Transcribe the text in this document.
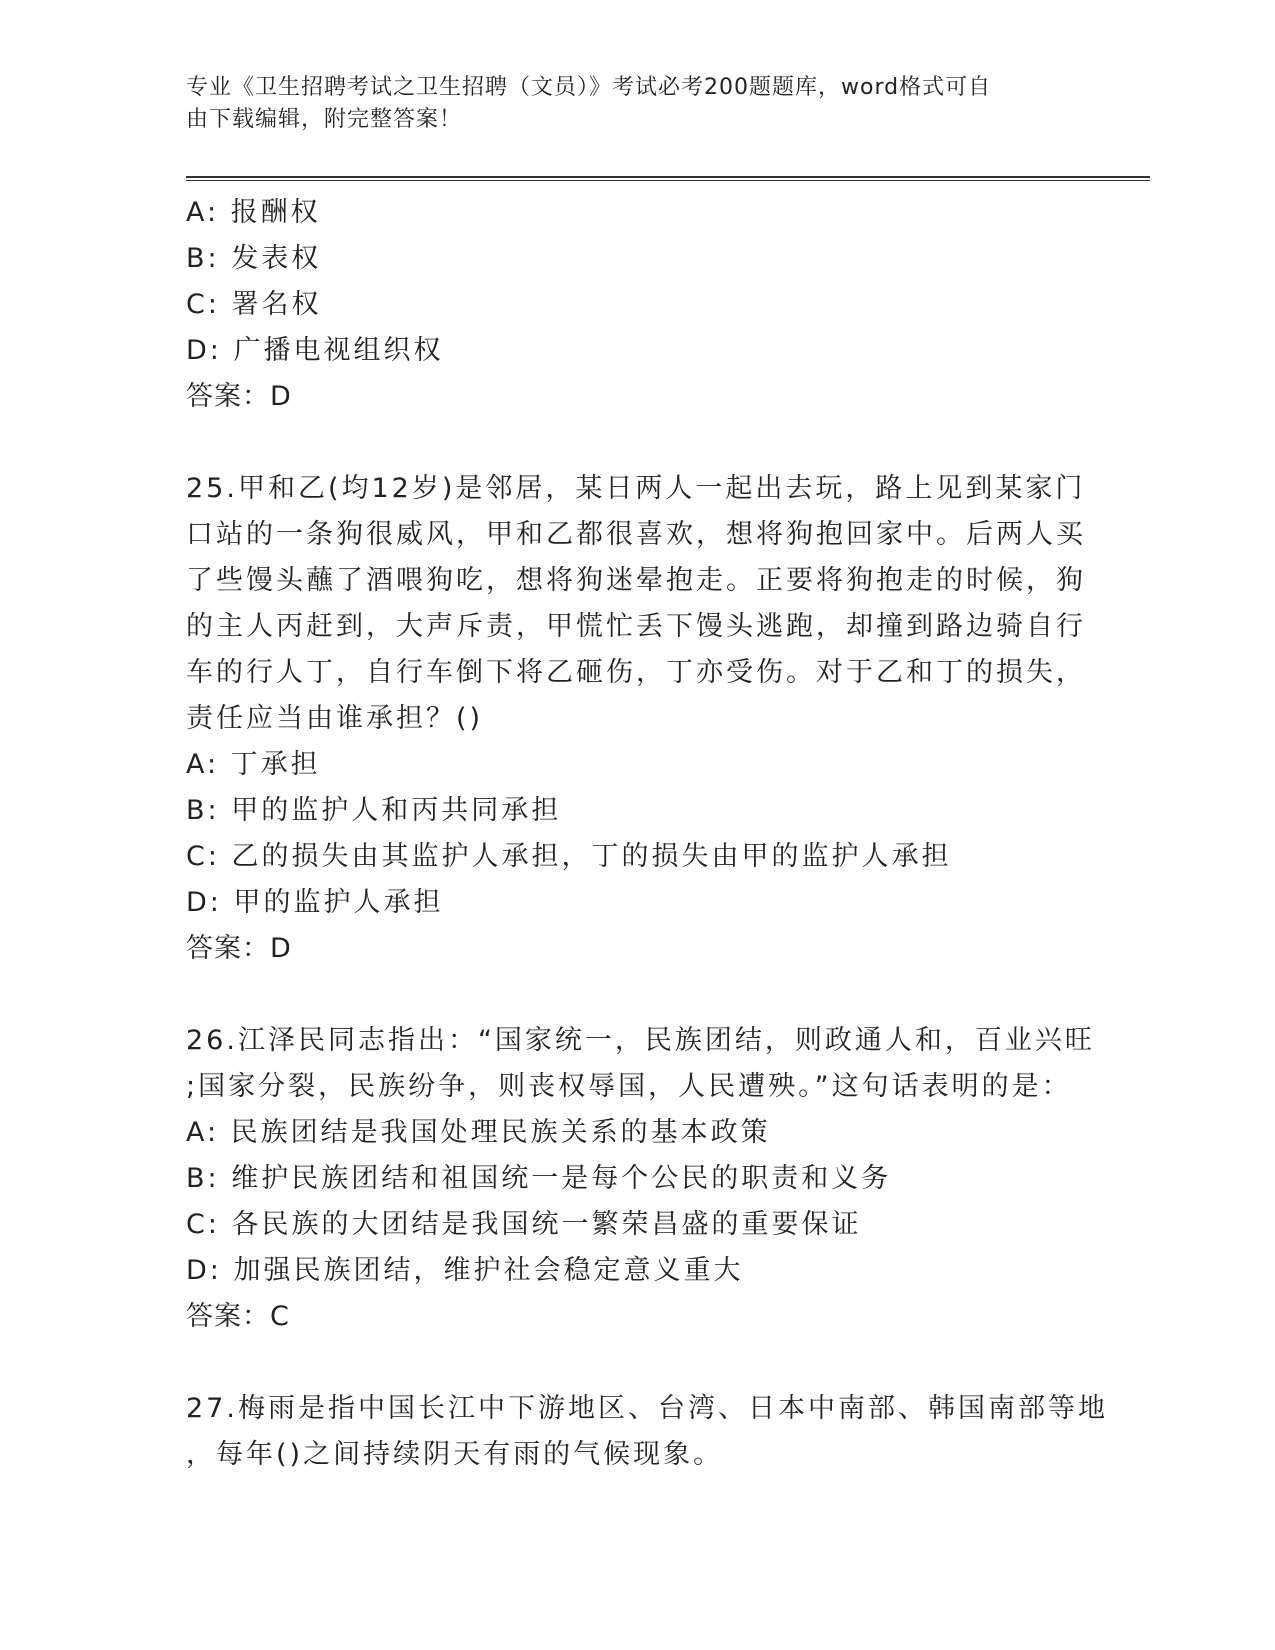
专业《卫生招聘考试之卫生招聘（文员）》考试必考200题题库，word格式可自
由下载编辑，附完整答案！
A: 报酬权
B: 发表权
C: 署名权
D: 广播电视组织权
答案：D
25.甲和乙(均12岁)是邻居，某日两人一起出去玩，路上见到某家门
口站的一条狗很威风，甲和乙都很喜欢，想将狗抱回家中。后两人买
了些馒头蘸了酒喂狗吃，想将狗迷晕抱走。正要将狗抱走的时候，狗
的主人丙赶到，大声斥责，甲慌忙丢下馒头逃跑，却撞到路边骑自行
车的行人丁，自行车倒下将乙砸伤，丁亦受伤。对于乙和丁的损失，
责任应当由谁承担？()
A: 丁承担
B: 甲的监护人和丙共同承担
C: 乙的损失由其监护人承担，丁的损失由甲的监护人承担
D: 甲的监护人承担
答案：D
26.江泽民同志指出：“国家统一，民族团结，则政通人和，百业兴旺
;国家分裂，民族纷争，则丧权辱国，人民遭殃。”这句话表明的是：
A: 民族团结是我国处理民族关系的基本政策
B: 维护民族团结和祖国统一是每个公民的职责和义务
C: 各民族的大团结是我国统一繁荣昌盛的重要保证
D: 加强民族团结，维护社会稳定意义重大
答案：C
27.梅雨是指中国长江中下游地区、台湾、日本中南部、韩国南部等地
，每年()之间持续阴天有雨的气候现象。
